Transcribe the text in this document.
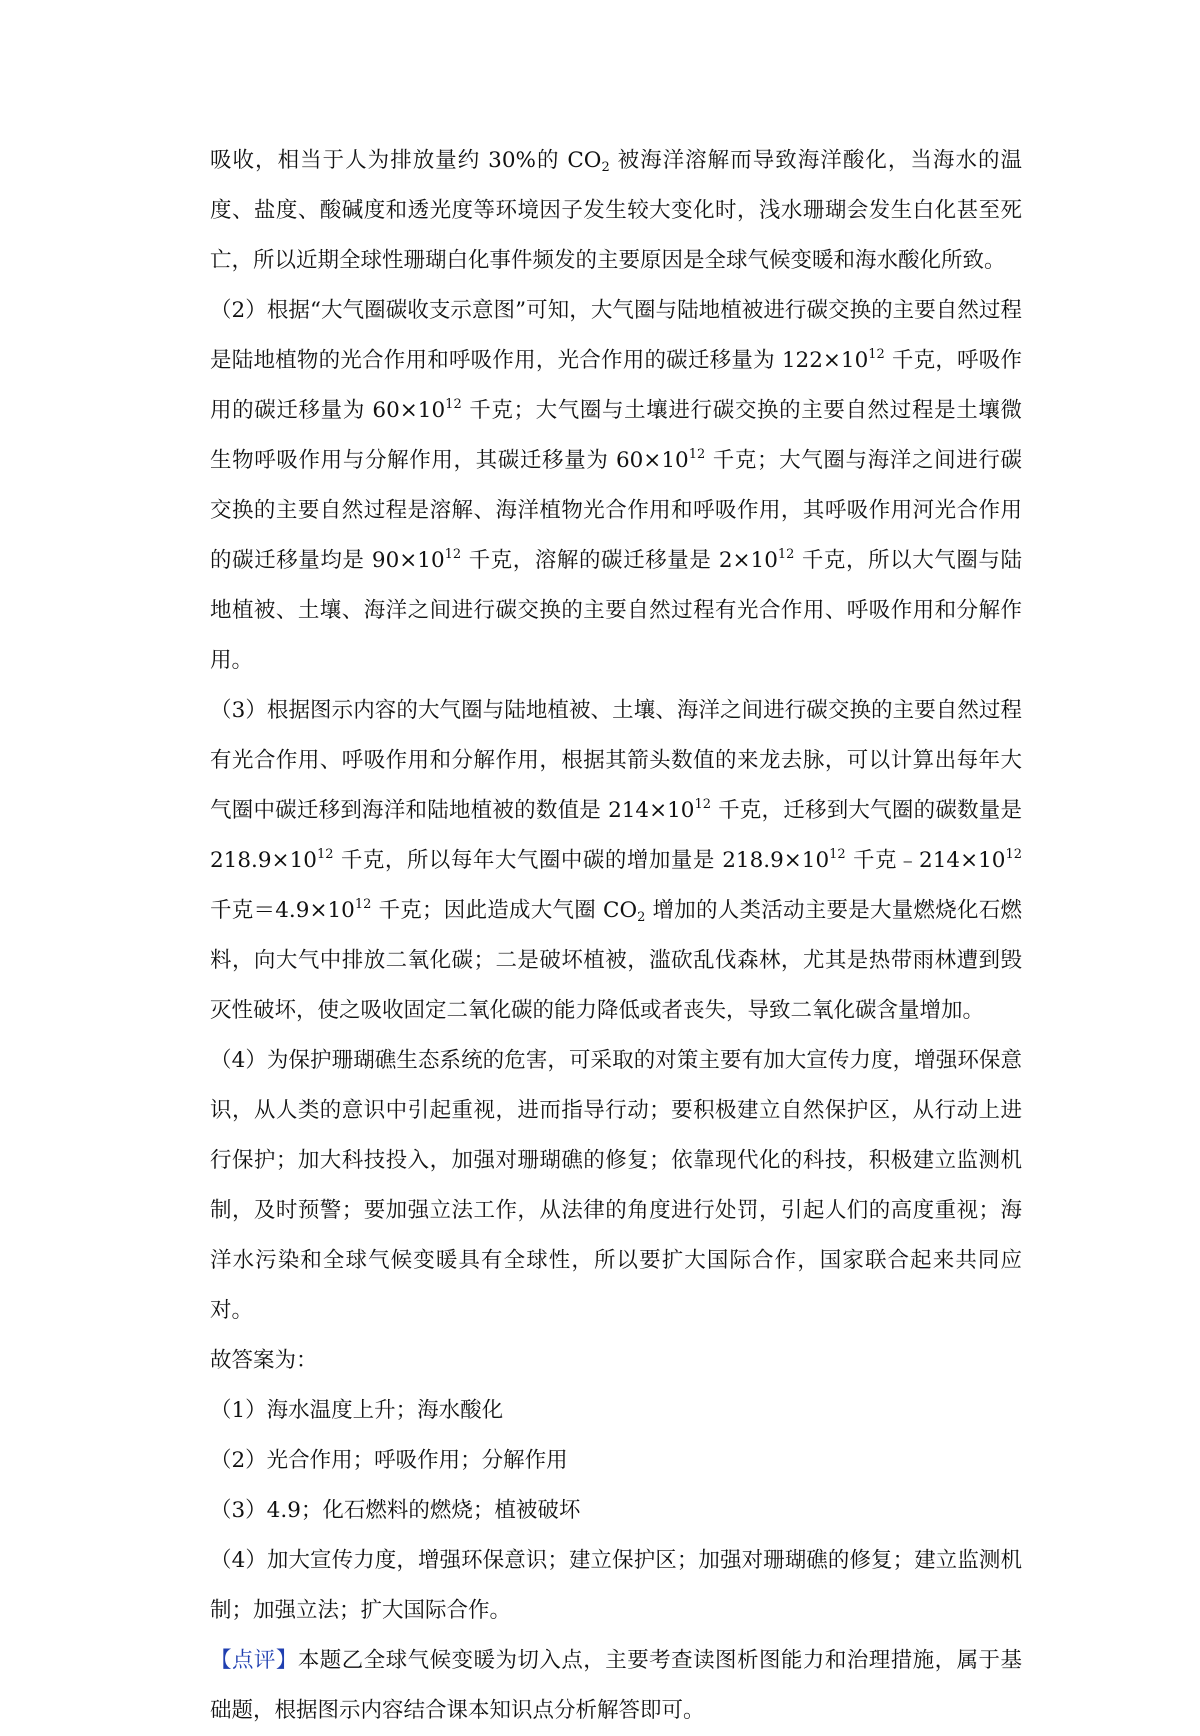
吸收，相当于人为排放量约 30%的 $CO_2$ 被海洋溶解而导致海洋酸化，当海水的温度、盐度、酸碱度和透光度等环境因子发生较大变化时，浅水珊瑚会发生白化甚至死亡，所以近期全球性珊瑚白化事件频发的主要原因是全球气候变暖和海水酸化所致。

（2）根据“大气圈碳收支示意图”可知，大气圈与陆地植被进行碳交换的主要自然过程是陆地植物的光合作用和呼吸作用，光合作用的碳迁移量为 $122\times 10^{12}$ 千克，呼吸作用的碳迁移量为 $60\times 10^{12}$ 千克；大气圈与土壤进行碳交换的主要自然过程是土壤微生物呼吸作用与分解作用，其碳迁移量为 $60\times 10^{12}$ 千克；大气圈与海洋之间进行碳交换的主要自然过程是溶解、海洋植物光合作用和呼吸作用，其呼吸作用河光合作用的碳迁移量均是 $90\times 10^{12}$ 千克，溶解的碳迁移量是 $2\times 10^{12}$ 千克，所以大气圈与陆地植被、土壤、海洋之间进行碳交换的主要自然过程有光合作用、呼吸作用和分解作用。

（3）根据图示内容的大气圈与陆地植被、土壤、海洋之间进行碳交换的主要自然过程有光合作用、呼吸作用和分解作用，根据其箭头数值的来龙去脉，可以计算出每年大气圈中碳迁移到海洋和陆地植被的数值是 $214\times 10^{12}$ 千克，迁移到大气圈的碳数量是 $218.9\times 10^{12}$ 千克，所以每年大气圈中碳的增加量是 $218.9\times 10^{12}$ 千克$﹣214\times 10^{12}$ 千克$=4.9\times 10^{12}$ 千克；因此造成大气圈 $CO_2$ 增加的人类活动主要是大量燃烧化石燃料，向大气中排放二氧化碳；二是破坏植被，滥砍乱伐森林，尤其是热带雨林遭到毁灭性破坏，使之吸收固定二氧化碳的能力降低或者丧失，导致二氧化碳含量增加。

（4）为保护珊瑚礁生态系统的危害，可采取的对策主要有加大宣传力度，增强环保意识，从人类的意识中引起重视，进而指导行动；要积极建立自然保护区，从行动上进行保护；加大科技投入，加强对珊瑚礁的修复；依靠现代化的科技，积极建立监测机制，及时预警；要加强立法工作，从法律的角度进行处罚，引起人们的高度重视；海洋水污染和全球气候变暖具有全球性，所以要扩大国际合作，国家联合起来共同应对。

故答案为：

（1）海水温度上升；海水酸化

（2）光合作用；呼吸作用；分解作用

（3）4.9；化石燃料的燃烧；植被破坏

（4）加大宣传力度，增强环保意识；建立保护区；加强对珊瑚礁的修复；建立监测机制；加强立法；扩大国际合作。

【点评】本题乙全球气候变暖为切入点，主要考查读图析图能力和治理措施，属于基础题，根据图示内容结合课本知识点分析解答即可。
